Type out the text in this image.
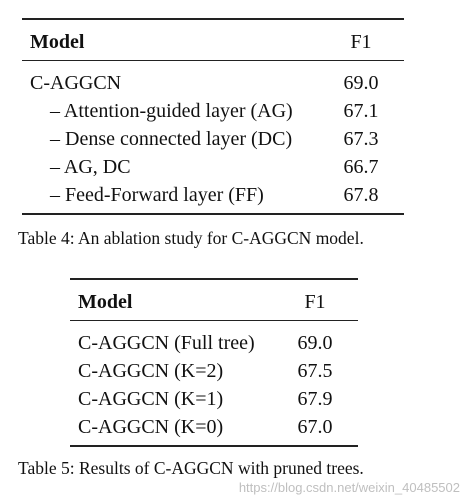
Model	F1
C-AGGCN	69.0
– Attention-guided layer (AG)	67.1
– Dense connected layer (DC)	67.3
– AG, DC	66.7
– Feed-Forward layer (FF)	67.8
Table 4: An ablation study for C-AGGCN model.
Model	F1
C-AGGCN (Full tree)	69.0
C-AGGCN (K=2)	67.5
C-AGGCN (K=1)	67.9
C-AGGCN (K=0)	67.0
Table 5: Results of C-AGGCN with pruned trees.
https://blog.csdn.net/weixin_40485502
